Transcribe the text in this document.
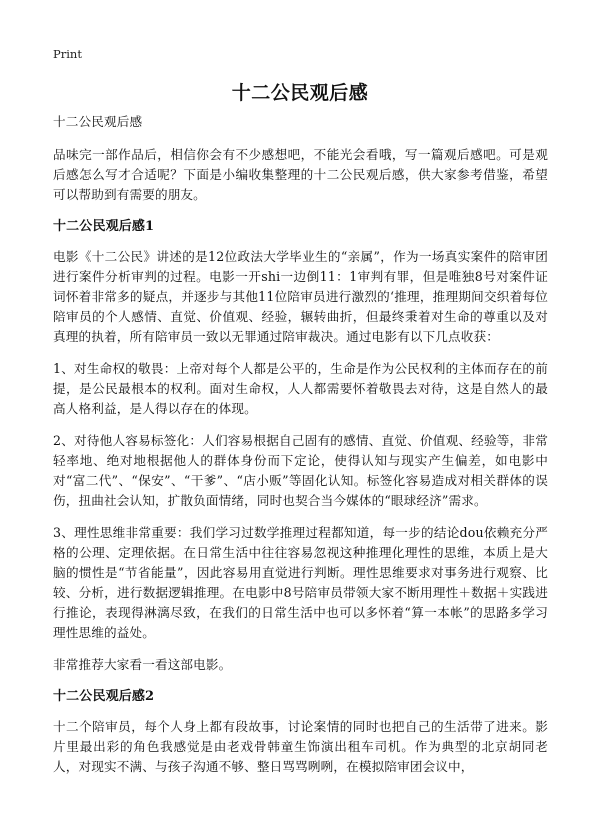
Print
十二公民观后感

十二公民观后感

品味完一部作品后，相信你会有不少感想吧，不能光会看哦，写一篇观后感吧。可是观后感怎么写才合适呢？下面是小编收集整理的十二公民观后感，供大家参考借鉴，希望可以帮助到有需要的朋友。

十二公民观后感1

电影《十二公民》讲述的是12位政法大学毕业生的“亲属”，作为一场真实案件的陪审团进行案件分析审判的过程。电影一开shi一边倒11：1审判有罪，但是唯独8号对案件证词怀着非常多的疑点，并逐步与其他11位陪审员进行激烈的‘推理，推理期间交织着每位陪审员的个人感情、直觉、价值观、经验，辗转曲折，但最终秉着对生命的尊重以及对真理的执着，所有陪审员一致以无罪通过陪审裁决。通过电影有以下几点收获：

1、对生命权的敬畏：上帝对每个人都是公平的，生命是作为公民权利的主体而存在的前提，是公民最根本的权利。面对生命权，人人都需要怀着敬畏去对待，这是自然人的最高人格利益，是人得以存在的体现。

2、对待他人容易标签化：人们容易根据自己固有的感情、直觉、价值观、经验等，非常轻率地、绝对地根据他人的群体身份而下定论，使得认知与现实产生偏差，如电影中对“富二代”、“保安”、“干爹”、“店小贩”等固化认知。标签化容易造成对相关群体的误伤，扭曲社会认知，扩散负面情绪，同时也契合当今媒体的“眼球经济”需求。

3、理性思维非常重要：我们学习过数学推理过程都知道，每一步的结论dou依赖充分严格的公理、定理依据。在日常生活中往往容易忽视这种推理化理性的思维，本质上是大脑的惯性是“节省能量”，因此容易用直觉进行判断。理性思维要求对事务进行观察、比较、分析，进行数据逻辑推理。在电影中8号陪审员带领大家不断用理性＋数据＋实践进行推论，表现得淋漓尽致，在我们的日常生活中也可以多怀着“算一本帐”的思路多学习理性思维的益处。

非常推荐大家看一看这部电影。

十二公民观后感2

十二个陪审员，每个人身上都有段故事，讨论案情的同时也把自己的生活带了进来。影片里最出彩的角色我感觉是由老戏骨韩童生饰演出租车司机。作为典型的北京胡同老人，对现实不满、与孩子沟通不够、整日骂骂咧咧，在模拟陪审团会议中，
